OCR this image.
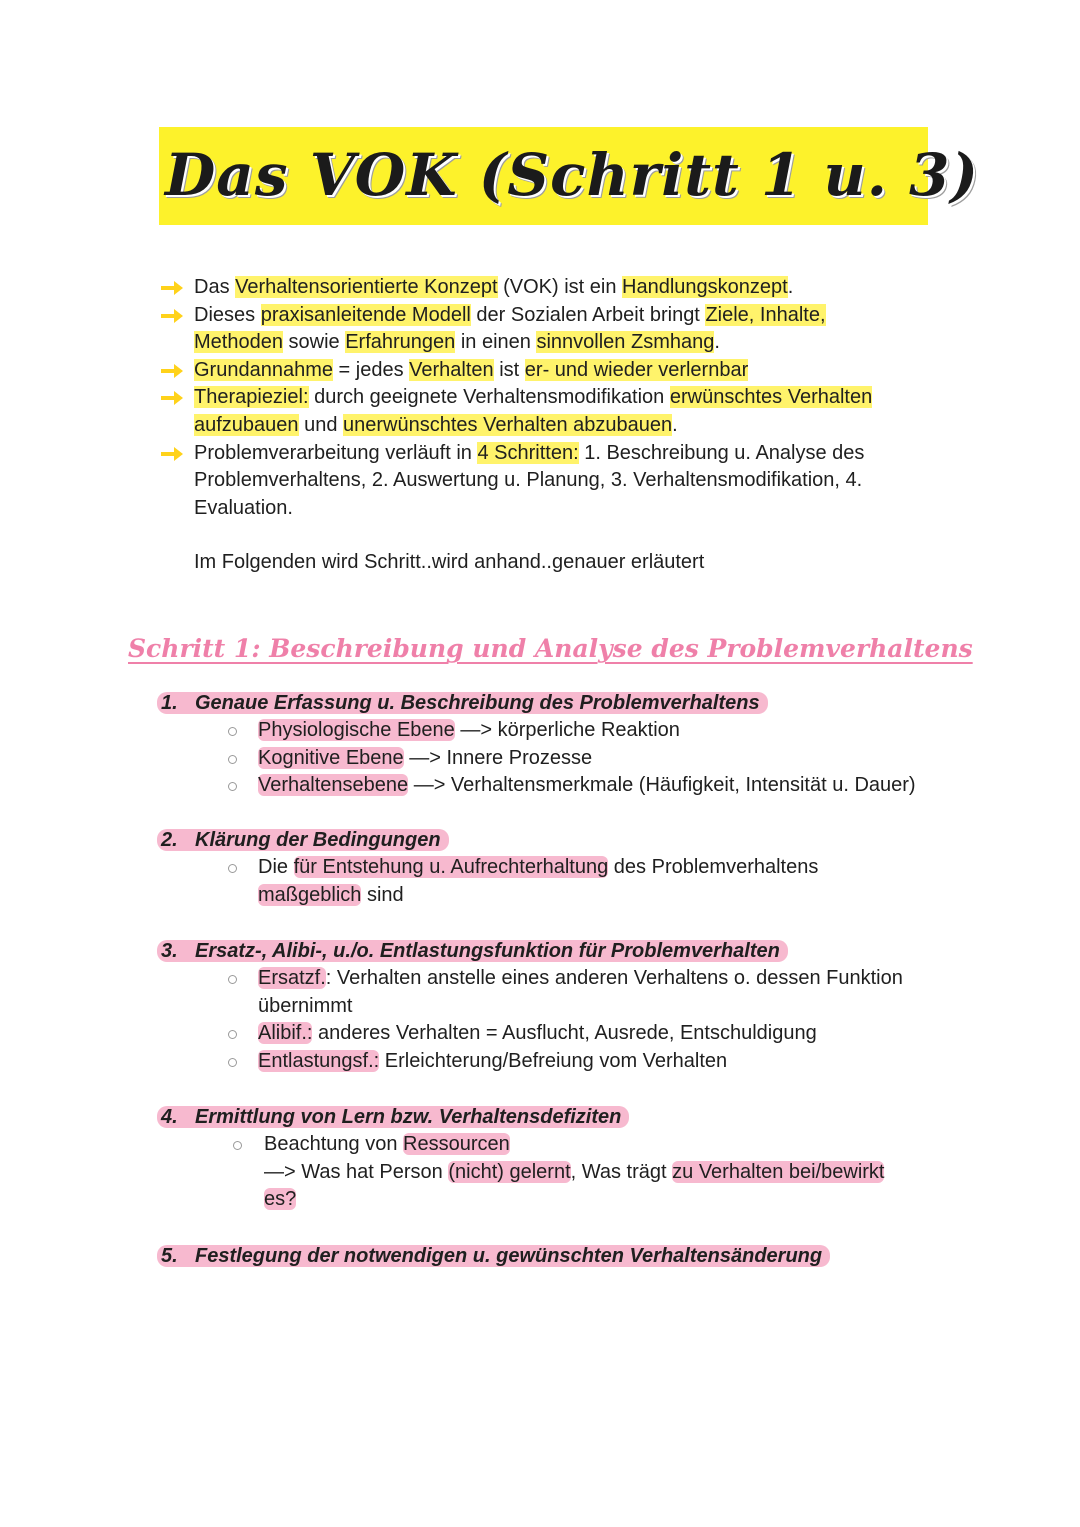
Das VOK (Schritt 1 u. 3)
Das Verhaltensorientierte Konzept (VOK) ist ein Handlungskonzept.
Dieses praxisanleitende Modell der Sozialen Arbeit bringt Ziele, Inhalte,
Methoden sowie Erfahrungen in einen sinnvollen Zsmhang.
Grundannahme = jedes Verhalten ist er- und wieder verlernbar
Therapieziel: durch geeignete Verhaltensmodifikation erwünschtes Verhalten
aufzubauen und unerwünschtes Verhalten abzubauen.
Problemverarbeitung verläuft in 4 Schritten: 1. Beschreibung u. Analyse des Problemverhaltens, 2. Auswertung u. Planung, 3. Verhaltensmodifikation, 4. Evaluation.
Im Folgenden wird Schritt..wird anhand..genauer erläutert
Schritt 1: Beschreibung und Analyse des Problemverhaltens
1. Genaue Erfassung u. Beschreibung des Problemverhaltens
Physiologische Ebene —> körperliche Reaktion
Kognitive Ebene —> Innere Prozesse
Verhaltensebene —> Verhaltensmerkmale (Häufigkeit, Intensität u. Dauer)
2. Klärung der Bedingungen
Die für Entstehung u. Aufrechterhaltung des Problemverhaltens
maßgeblich sind
3. Ersatz-, Alibi-, u./o. Entlastungsfunktion für Problemverhalten
Ersatzf.: Verhalten anstelle eines anderen Verhaltens o. dessen Funktion übernimmt
Alibif.: anderes Verhalten = Ausflucht, Ausrede, Entschuldigung
Entlastungsf.: Erleichterung/Befreiung vom Verhalten
4. Ermittlung von Lern bzw. Verhaltensdefiziten
Beachtung von Ressourcen
—> Was hat Person (nicht) gelernt, Was trägt zu Verhalten bei/bewirkt
es?
5. Festlegung der notwendigen u. gewünschten Verhaltensänderung
